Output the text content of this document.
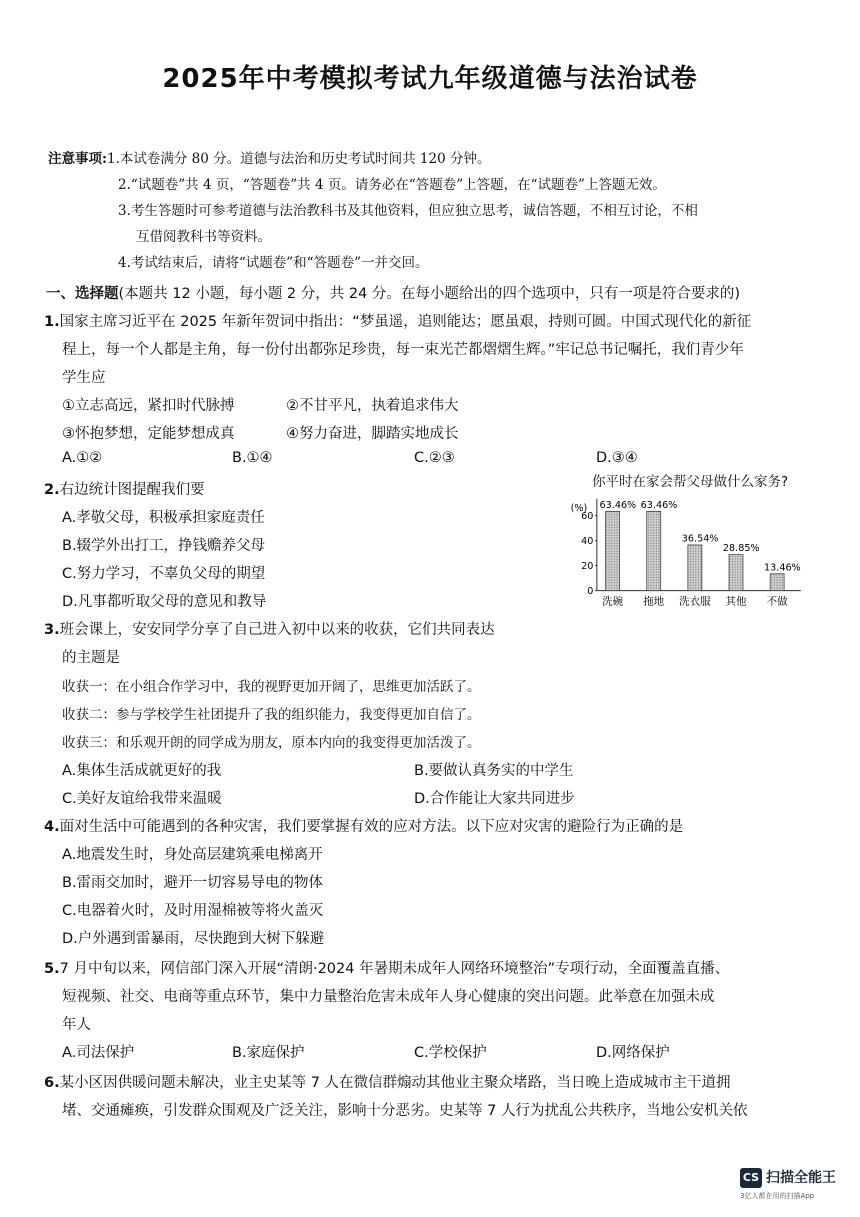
2025年中考模拟考试九年级道德与法治试卷
注意事项:1.本试卷满分 80 分。道德与法治和历史考试时间共 120 分钟。
2.“试题卷”共 4 页，“答题卷”共 4 页。请务必在“答题卷”上答题，在“试题卷”上答题无效。
3.考生答题时可参考道德与法治教科书及其他资料，但应独立思考，诚信答题，不相互讨论，不相
互借阅教科书等资料。
4.考试结束后，请将“试题卷”和“答题卷”一并交回。
一、选择题(本题共 12 小题，每小题 2 分，共 24 分。在每小题给出的四个选项中，只有一项是符合要求的)
1.国家主席习近平在 2025 年新年贺词中指出：“梦虽遥，追则能达；愿虽艰，持则可圆。中国式现代化的新征
程上，每一个人都是主角，每一份付出都弥足珍贵，每一束光芒都熠熠生辉。”牢记总书记嘱托，我们青少年
学生应
①立志高远，紧扣时代脉搏	②不甘平凡，执着追求伟大
③怀抱梦想，定能梦想成真	④努力奋进，脚踏实地成长
A.①②	B.①④	C.②③	D.③④
2.右边统计图提醒我们要
A.孝敬父母，积极承担家庭责任
B.辍学外出打工，挣钱赡养父母
C.努力学习，不辜负父母的期望
D.凡事都听取父母的意见和教导
你平时在家会帮父母做什么家务?
(%)
0
20
40
60
63.46%
洗碗
63.46%
拖地
36.54%
洗衣服
28.85%
其他
13.46%
不做
3.班会课上，安安同学分享了自己进入初中以来的收获，它们共同表达
的主题是
收获一：在小组合作学习中，我的视野更加开阔了，思维更加活跃了。
收获二：参与学校学生社团提升了我的组织能力，我变得更加自信了。
收获三：和乐观开朗的同学成为朋友，原本内向的我变得更加活泼了。
A.集体生活成就更好的我	B.要做认真务实的中学生
C.美好友谊给我带来温暖	D.合作能让大家共同进步
4.面对生活中可能遇到的各种灾害，我们要掌握有效的应对方法。以下应对灾害的避险行为正确的是
A.地震发生时，身处高层建筑乘电梯离开
B.雷雨交加时，避开一切容易导电的物体
C.电器着火时，及时用湿棉被等将火盖灭
D.户外遇到雷暴雨，尽快跑到大树下躲避
5.7 月中旬以来，网信部门深入开展“清朗·2024 年暑期未成年人网络环境整治”专项行动，全面覆盖直播、
短视频、社交、电商等重点环节，集中力量整治危害未成年人身心健康的突出问题。此举意在加强未成
年人
A.司法保护	B.家庭保护	C.学校保护	D.网络保护
6.某小区因供暖问题未解决，业主史某等 7 人在微信群煽动其他业主聚众堵路，当日晚上造成城市主干道拥
堵、交通瘫痪，引发群众围观及广泛关注，影响十分恶劣。史某等 7 人行为扰乱公共秩序，当地公安机关依
CS 扫描全能王
3亿人都在用的扫描App
